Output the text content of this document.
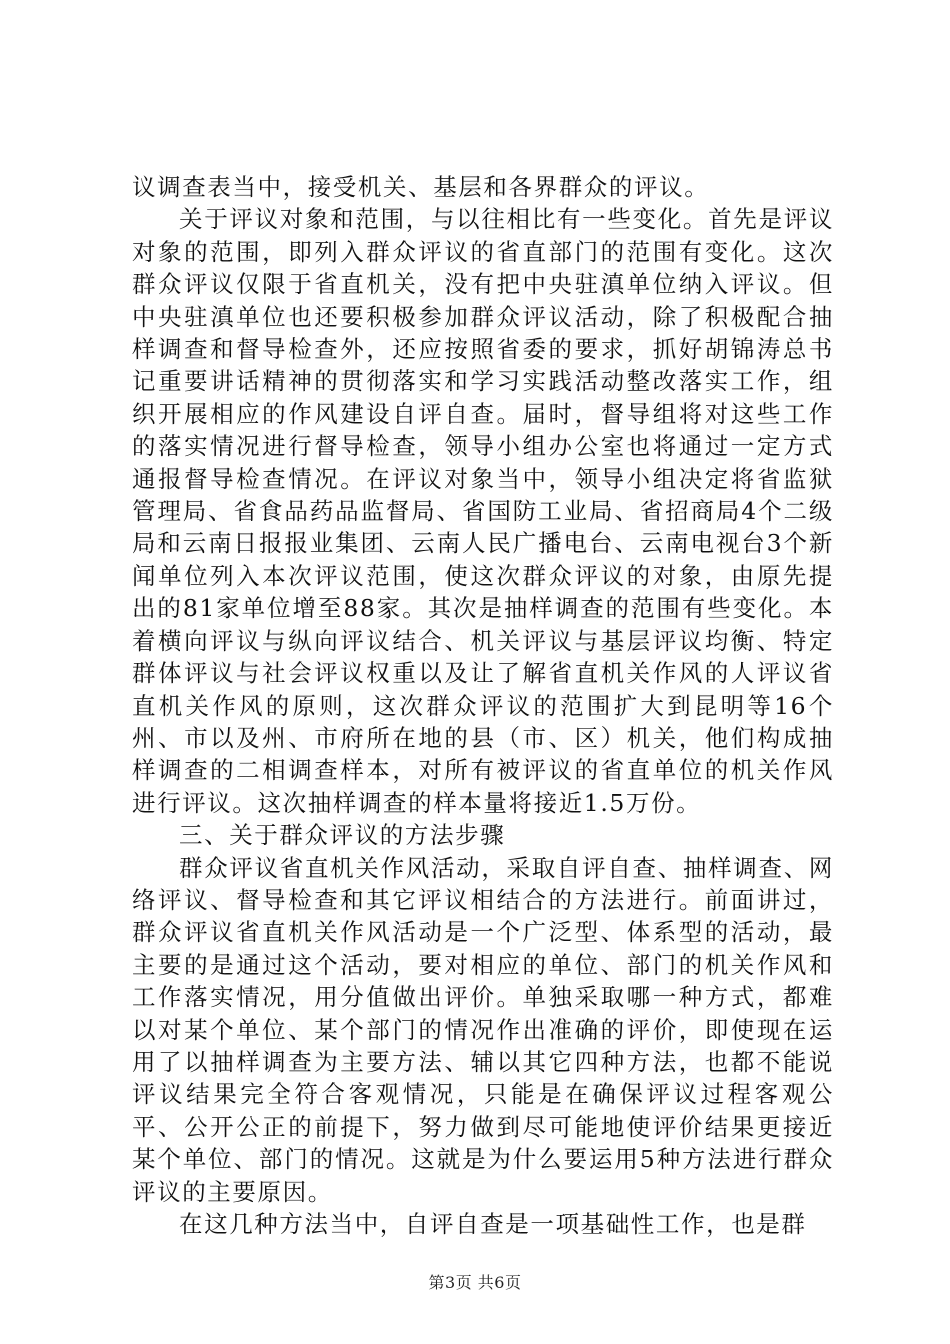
议调查表当中，接受机关、基层和各界群众的评议。

关于评议对象和范围，与以往相比有一些变化。首先是评议对象的范围，即列入群众评议的省直部门的范围有变化。这次群众评议仅限于省直机关，没有把中央驻滇单位纳入评议。但中央驻滇单位也还要积极参加群众评议活动，除了积极配合抽样调查和督导检查外，还应按照省委的要求，抓好胡锦涛总书记重要讲话精神的贯彻落实和学习实践活动整改落实工作，组织开展相应的作风建设自评自查。届时，督导组将对这些工作的落实情况进行督导检查，领导小组办公室也将通过一定方式通报督导检查情况。在评议对象当中，领导小组决定将省监狱管理局、省食品药品监督局、省国防工业局、省招商局4个二级局和云南日报报业集团、云南人民广播电台、云南电视台3个新闻单位列入本次评议范围，使这次群众评议的对象，由原先提出的81家单位增至88家。其次是抽样调查的范围有些变化。本着横向评议与纵向评议结合、机关评议与基层评议均衡、特定群体评议与社会评议权重以及让了解省直机关作风的人评议省直机关作风的原则，这次群众评议的范围扩大到昆明等16个州、市以及州、市府所在地的县（市、区）机关，他们构成抽样调查的二相调查样本，对所有被评议的省直单位的机关作风进行评议。这次抽样调查的样本量将接近1.5万份。

三、关于群众评议的方法步骤

群众评议省直机关作风活动，采取自评自查、抽样调查、网络评议、督导检查和其它评议相结合的方法进行。前面讲过，群众评议省直机关作风活动是一个广泛型、体系型的活动，最主要的是通过这个活动，要对相应的单位、部门的机关作风和工作落实情况，用分值做出评价。单独采取哪一种方式，都难以对某个单位、某个部门的情况作出准确的评价，即使现在运用了以抽样调查为主要方法、辅以其它四种方法，也都不能说评议结果完全符合客观情况，只能是在确保评议过程客观公平、公开公正的前提下，努力做到尽可能地使评价结果更接近某个单位、部门的情况。这就是为什么要运用5种方法进行群众评议的主要原因。

在这几种方法当中，自评自查是一项基础性工作，也是群

第3页 共6页
